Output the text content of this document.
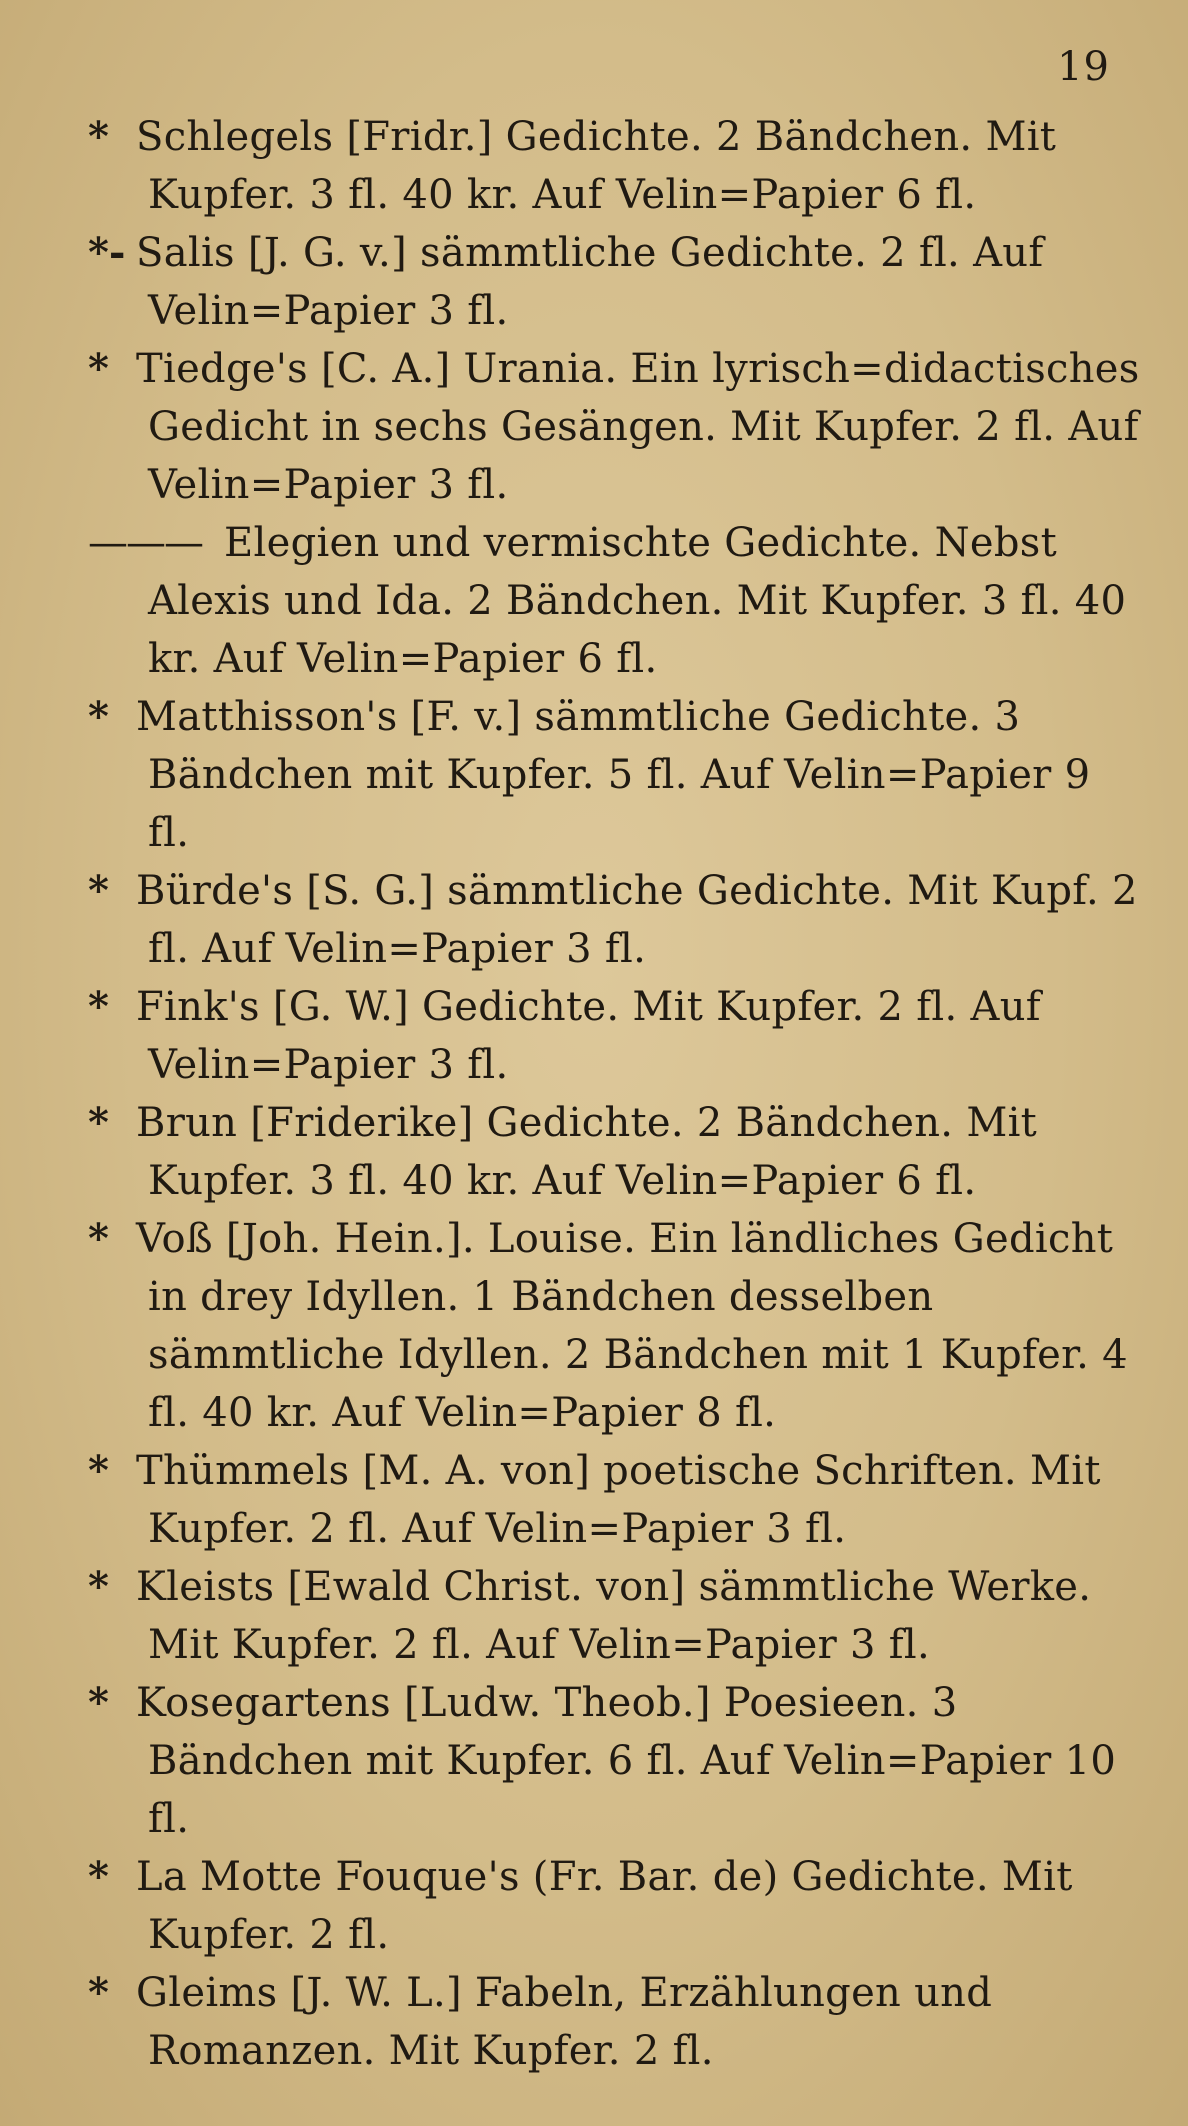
19
* Schlegels [Fridr.] Gedichte. 2 Bändchen. Mit Kupfer. 3 fl. 40 kr. Auf Velin=Papier 6 fl.
*- Salis [J. G. v.] sämmtliche Gedichte. 2 fl. Auf Velin=Papier 3 fl.
* Tiedge's [C. A.] Urania. Ein lyrisch=didactisches Gedicht in sechs Gesängen. Mit Kupfer. 2 fl. Auf Velin=Papier 3 fl.
——— Elegien und vermischte Gedichte. Nebst Alexis und Ida. 2 Bändchen. Mit Kupfer. 3 fl. 40 kr. Auf Velin=Papier 6 fl.
* Matthisson's [F. v.] sämmtliche Gedichte. 3 Bändchen mit Kupfer. 5 fl. Auf Velin=Papier 9 fl.
* Bürde's [S. G.] sämmtliche Gedichte. Mit Kupf. 2 fl. Auf Velin=Papier 3 fl.
* Fink's [G. W.] Gedichte. Mit Kupfer. 2 fl. Auf Velin=Papier 3 fl.
* Brun [Friderike] Gedichte. 2 Bändchen. Mit Kupfer. 3 fl. 40 kr. Auf Velin=Papier 6 fl.
* Voß [Joh. Hein.]. Louise. Ein ländliches Gedicht in drey Idyllen. 1 Bändchen desselben sämmtliche Idyllen. 2 Bändchen mit 1 Kupfer. 4 fl. 40 kr. Auf Velin=Papier 8 fl.
* Thümmels [M. A. von] poetische Schriften. Mit Kupfer. 2 fl. Auf Velin=Papier 3 fl.
* Kleists [Ewald Christ. von] sämmtliche Werke. Mit Kupfer. 2 fl. Auf Velin=Papier 3 fl.
* Kosegartens [Ludw. Theob.] Poesieen. 3 Bändchen mit Kupfer. 6 fl. Auf Velin=Papier 10 fl.
* La Motte Fouque's (Fr. Bar. de) Gedichte. Mit Kupfer. 2 fl.
* Gleims [J. W. L.] Fabeln, Erzählungen und Romanzen. Mit Kupfer. 2 fl.
